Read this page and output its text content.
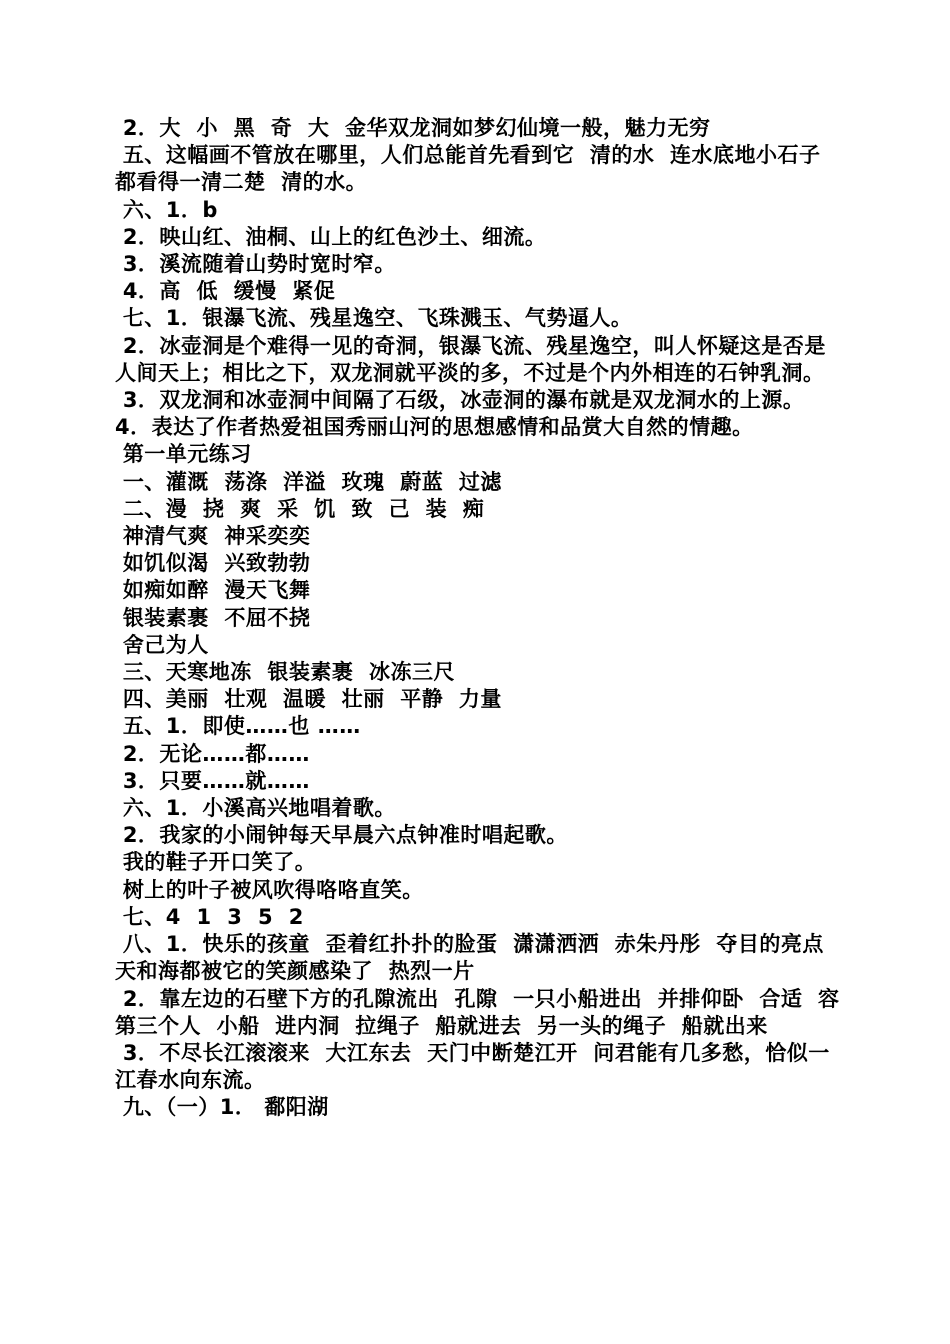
2．大  小  黑  奇  大  金华双龙洞如梦幻仙境一般，魅力无穷

五、这幅画不管放在哪里，人们总能首先看到它  清的水  连水底地小石子都看得一清二楚  清的水。

六、1．b

2．映山红、油桐、山上的红色沙土、细流。

3．溪流随着山势时宽时窄。

4．高  低  缓慢  紧促

七、1．银瀑飞流、残星逸空、飞珠溅玉、气势逼人。

2．冰壶洞是个难得一见的奇洞，银瀑飞流、残星逸空，叫人怀疑这是否是人间天上；相比之下，双龙洞就平淡的多，不过是个内外相连的石钟乳洞。

3．双龙洞和冰壶洞中间隔了石级，冰壶洞的瀑布就是双龙洞水的上源。

4．表达了作者热爱祖国秀丽山河的思想感情和品赏大自然的情趣。

第一单元练习

一、灌溉  荡涤  洋溢  玫瑰  蔚蓝  过滤

二、漫  挠  爽  采  饥  致  己  装  痴

神清气爽  神采奕奕

如饥似渴  兴致勃勃

如痴如醉  漫天飞舞

银装素裹  不屈不挠

舍己为人

三、天寒地冻  银装素裹  冰冻三尺

四、美丽  壮观  温暖  壮丽  平静  力量

五、1．即使……也 ……

2．无论……都……

3．只要……就……

六、1．小溪高兴地唱着歌。

2．我家的小闹钟每天早晨六点钟准时唱起歌。

我的鞋子开口笑了。

树上的叶子被风吹得咯咯直笑。

七、4  1  3  5  2

八、1．快乐的孩童  歪着红扑扑的脸蛋  潇潇洒洒  赤朱丹彤  夺目的亮点  天和海都被它的笑颜感染了  热烈一片

2．靠左边的石壁下方的孔隙流出  孔隙  一只小船进出  并排仰卧  合适  容第三个人  小船  进内洞  拉绳子  船就进去  另一头的绳子  船就出来

3．不尽长江滚滚来  大江东去  天门中断楚江开  问君能有几多愁，恰似一江春水向东流。

九、（一）1． 鄱阳湖
